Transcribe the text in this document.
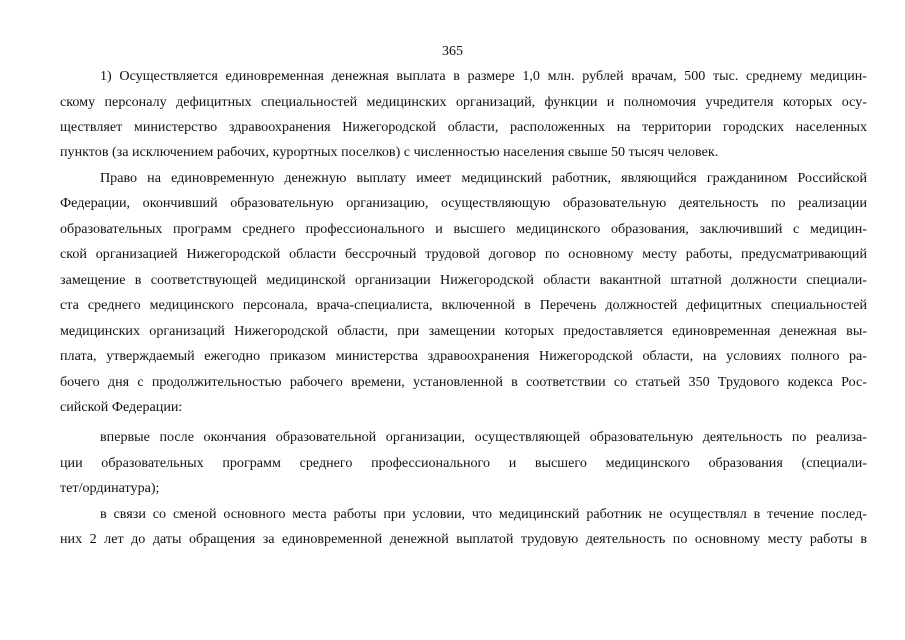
365
1) Осуществляется единовременная денежная выплата в размере 1,0 млн. рублей врачам, 500 тыс. среднему медицин-
скому персоналу дефицитных специальностей медицинских организаций, функции и полномочия учредителя которых осу-
ществляет министерство здравоохранения Нижегородской области, расположенных на территории городских населенных
пунктов (за исключением рабочих, курортных поселков) с численностью населения свыше 50 тысяч человек.
Право на единовременную денежную выплату имеет медицинский работник, являющийся гражданином Российской
Федерации, окончивший образовательную организацию, осуществляющую образовательную деятельность по реализации
образовательных программ среднего профессионального и высшего медицинского образования, заключивший с медицин-
ской организацией Нижегородской области бессрочный трудовой договор по основному месту работы, предусматривающий
замещение в соответствующей медицинской организации Нижегородской области вакантной штатной должности специали-
ста среднего медицинского персонала, врача-специалиста, включенной в Перечень должностей дефицитных специальностей
медицинских организаций Нижегородской области, при замещении которых предоставляется единовременная денежная вы-
плата, утверждаемый ежегодно приказом министерства здравоохранения Нижегородской области, на условиях полного ра-
бочего дня с продолжительностью рабочего времени, установленной в соответствии со статьей 350 Трудового кодекса Рос-
сийской Федерации:
впервые после окончания образовательной организации, осуществляющей образовательную деятельность по реализа-
ции образовательных программ среднего профессионального и высшего медицинского образования (специали-
тет/ординатура);
в связи со сменой основного места работы при условии, что медицинский работник не осуществлял в течение послед-
них 2 лет до даты обращения за единовременной денежной выплатой трудовую деятельность по основному месту работы в
